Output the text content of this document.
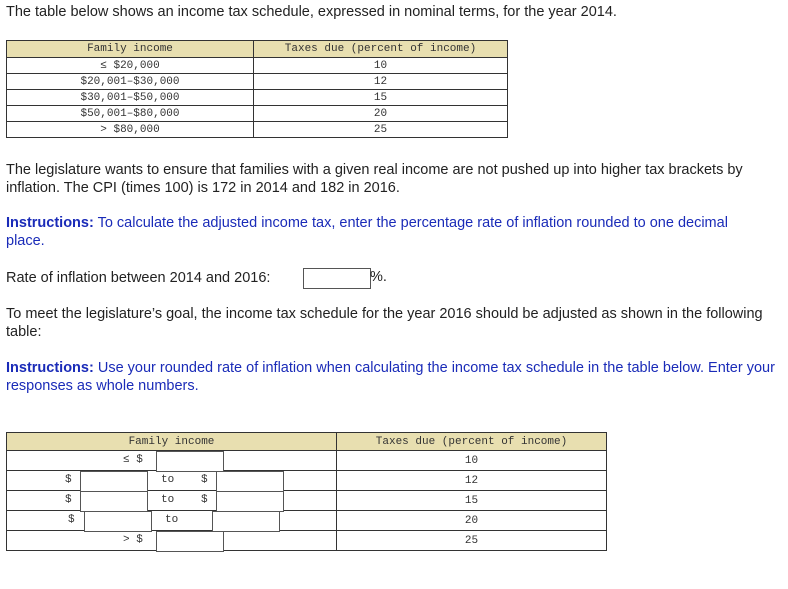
The table below shows an income tax schedule, expressed in nominal terms, for the year 2014.

Family income	Taxes due (percent of income)
≤ $20,000	10
$20,001–$30,000	12
$30,001–$50,000	15
$50,001–$80,000	20
> $80,000	25

The legislature wants to ensure that families with a given real income are not pushed up into higher tax brackets by inflation. The CPI (times 100) is 172 in 2014 and 182 in 2016.

Instructions: To calculate the adjusted income tax, enter the percentage rate of inflation rounded to one decimal place.

Rate of inflation between 2014 and 2016:	%.

To meet the legislature’s goal, the income tax schedule for the year 2016 should be adjusted as shown in the following table:

Instructions: Use your rounded rate of inflation when calculating the income tax schedule in the table below. Enter your responses as whole numbers.

Family income	Taxes due (percent of income)

≤ $	10

$ to $	12

$ to $	15

$ to	20

> $	25
